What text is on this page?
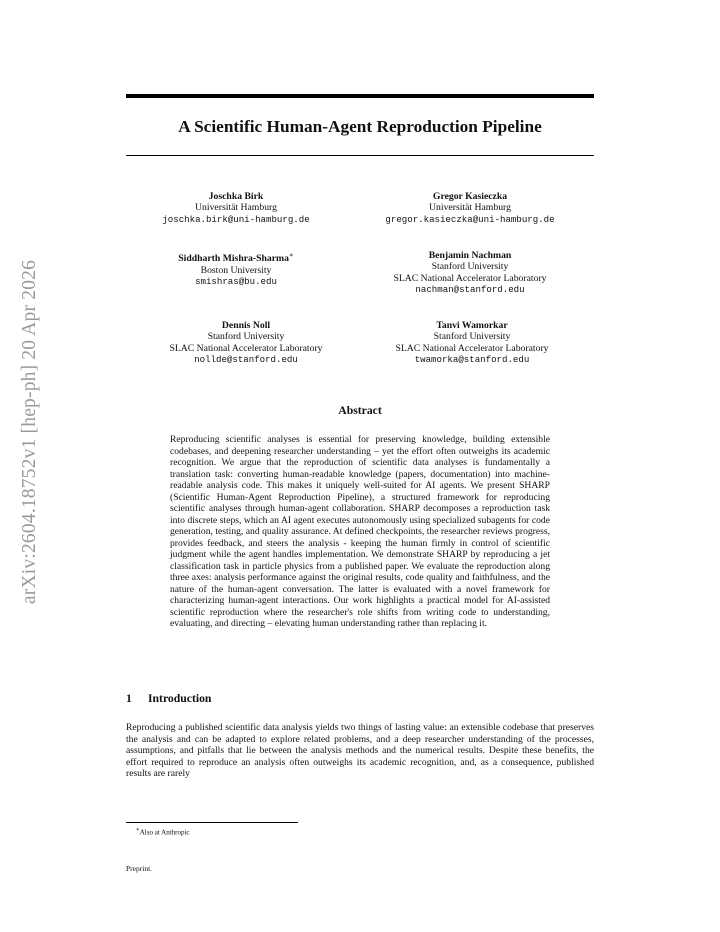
arXiv:2604.18752v1 [hep-ph] 20 Apr 2026
A Scientific Human-Agent Reproduction Pipeline
Joschka Birk
Universität Hamburg
joschka.birk@uni-hamburg.de
Gregor Kasieczka
Universität Hamburg
gregor.kasieczka@uni-hamburg.de
Siddharth Mishra-Sharma∗
Boston University
smishras@bu.edu
Benjamin Nachman
Stanford University
SLAC National Accelerator Laboratory
nachman@stanford.edu
Dennis Noll
Stanford University
SLAC National Accelerator Laboratory
nollde@stanford.edu
Tanvi Wamorkar
Stanford University
SLAC National Accelerator Laboratory
twamorka@stanford.edu
Abstract
Reproducing scientific analyses is essential for preserving knowledge, building extensible codebases, and deepening researcher understanding – yet the effort often outweighs its academic recognition. We argue that the reproduction of scientific data analyses is fundamentally a translation task: converting human-readable knowledge (papers, documentation) into machine-readable analysis code. This makes it uniquely well-suited for AI agents. We present SHARP (Scientific Human-Agent Reproduction Pipeline), a structured framework for reproducing scientific analyses through human-agent collaboration. SHARP decomposes a reproduction task into discrete steps, which an AI agent executes autonomously using specialized subagents for code generation, testing, and quality assurance. At defined checkpoints, the researcher reviews progress, provides feedback, and steers the analysis - keeping the human firmly in control of scientific judgment while the agent handles implementation. We demonstrate SHARP by reproducing a jet classification task in particle physics from a published paper. We evaluate the reproduction along three axes: analysis performance against the original results, code quality and faithfulness, and the nature of the human-agent conversation. The latter is evaluated with a novel framework for characterizing human-agent interactions. Our work highlights a practical model for AI-assisted scientific reproduction where the researcher's role shifts from writing code to understanding, evaluating, and directing – elevating human understanding rather than replacing it.
1 Introduction
Reproducing a published scientific data analysis yields two things of lasting value: an extensible codebase that preserves the analysis and can be adapted to explore related problems, and a deep researcher understanding of the processes, assumptions, and pitfalls that lie between the analysis methods and the numerical results. Despite these benefits, the effort required to reproduce an analysis often outweighs its academic recognition, and, as a consequence, published results are rarely
∗Also at Anthropic
Preprint.
